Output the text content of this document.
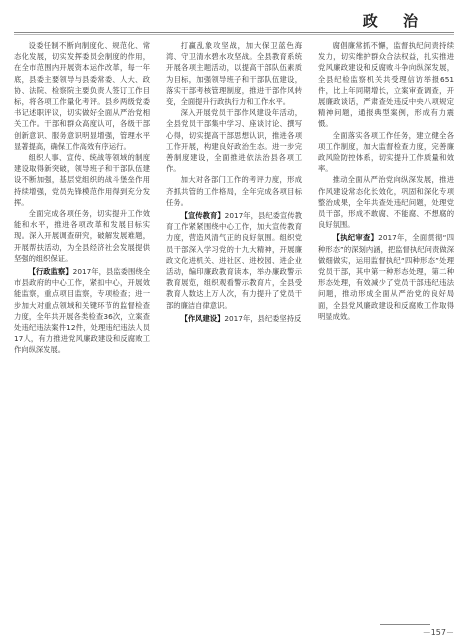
政 治

设委任制不断向制度化、规范化、常态化发展，切实发挥委员会制度的作用，在全市范围内开展资本运作改革，每一年底，县委主要领导与县委常委、人大、政协、法院、检察院主要负责人签订工作目标，将各项工作量化考评。县乡两级党委书记述职评议，切实做好全面从严治党相关工作。干部和群众高度认可，各级干部创新意识、服务意识明显增强，管理水平显著提高，确保工作高效有序运行。

组织人事、宣传、统战等领域的制度建设取得新突破，领导班子和干部队伍建设不断加强，基层党组织的战斗堡垒作用持续增强，党员先锋模范作用得到充分发挥。

全面完成各项任务，切实提升工作效能和水平，推进各项改革和发展目标实现。深入开展调查研究，破解发展难题，开展帮扶活动，为全县经济社会发展提供坚强的组织保证。

【行政监察】2017年，县监委围绕全市县政府的中心工作，紧扣中心，开展效能监察，重点项目监察，专项检查；进一步加大对重点领域和关键环节的监督检查力度，全年共开展各类检查36次，立案查处违纪违法案件12件，处理违纪违法人员17人，有力推进党风廉政建设和反腐败工作向纵深发展。

打赢乱象攻坚战，加大保卫蓝色海湾、守卫清水碧水攻坚战。全县教育系统开展各项主题活动，以提高干部队伍素质为目标，加强领导班子和干部队伍建设，落实干部考核管理制度，推进干部作风转变，全面提升行政执行力和工作水平。

深入开展党员干部作风建设年活动，全县党员干部集中学习、座谈讨论、撰写心得，切实提高干部思想认识，推进各项工作开展，构建良好政治生态。进一步完善制度建设，全面推进依法治县各项工作。

加大对各部门工作的考评力度，形成齐抓共管的工作格局，全年完成各项目标任务。

【宣传教育】2017年，县纪委宣传教育工作紧紧围绕中心工作，加大宣传教育力度，营造风清气正的良好氛围。组织党员干部深入学习党的十九大精神，开展廉政文化进机关、进社区、进校园、进企业活动，编印廉政教育读本，举办廉政警示教育展览，组织观看警示教育片，全县受教育人数达上万人次，有力提升了党员干部的廉洁自律意识。

【作风建设】2017年，县纪委坚持反

腐倡廉常抓不懈，监督执纪问责持续发力，切实维护群众合法权益，扎实推进党风廉政建设和反腐败斗争向纵深发展，全县纪检监察机关共受理信访举报651件，比上年同期增长，立案审查调查，开展廉政谈话，严肃查处违反中央八项规定精神问题，通报典型案例，形成有力震慑。

全面落实各项工作任务，建立健全各项工作制度，加大监督检查力度，完善廉政风险防控体系，切实提升工作质量和效率。

推动全面从严治党向纵深发展，推进作风建设常态化长效化，巩固和深化专项整治成果，全年共查处违纪问题，处理党员干部，形成不敢腐、不能腐、不想腐的良好氛围。

【执纪审查】2017年，全面贯彻“四种形态”的深刻内涵，把监督执纪问责做深做细做实，运用监督执纪“四种形态”处理党员干部，其中第一种形态处理，第二种形态处理，有效减少了党员干部违纪违法问题，推动形成全面从严治党的良好局面，全县党风廉政建设和反腐败工作取得明显成效。

－157－
